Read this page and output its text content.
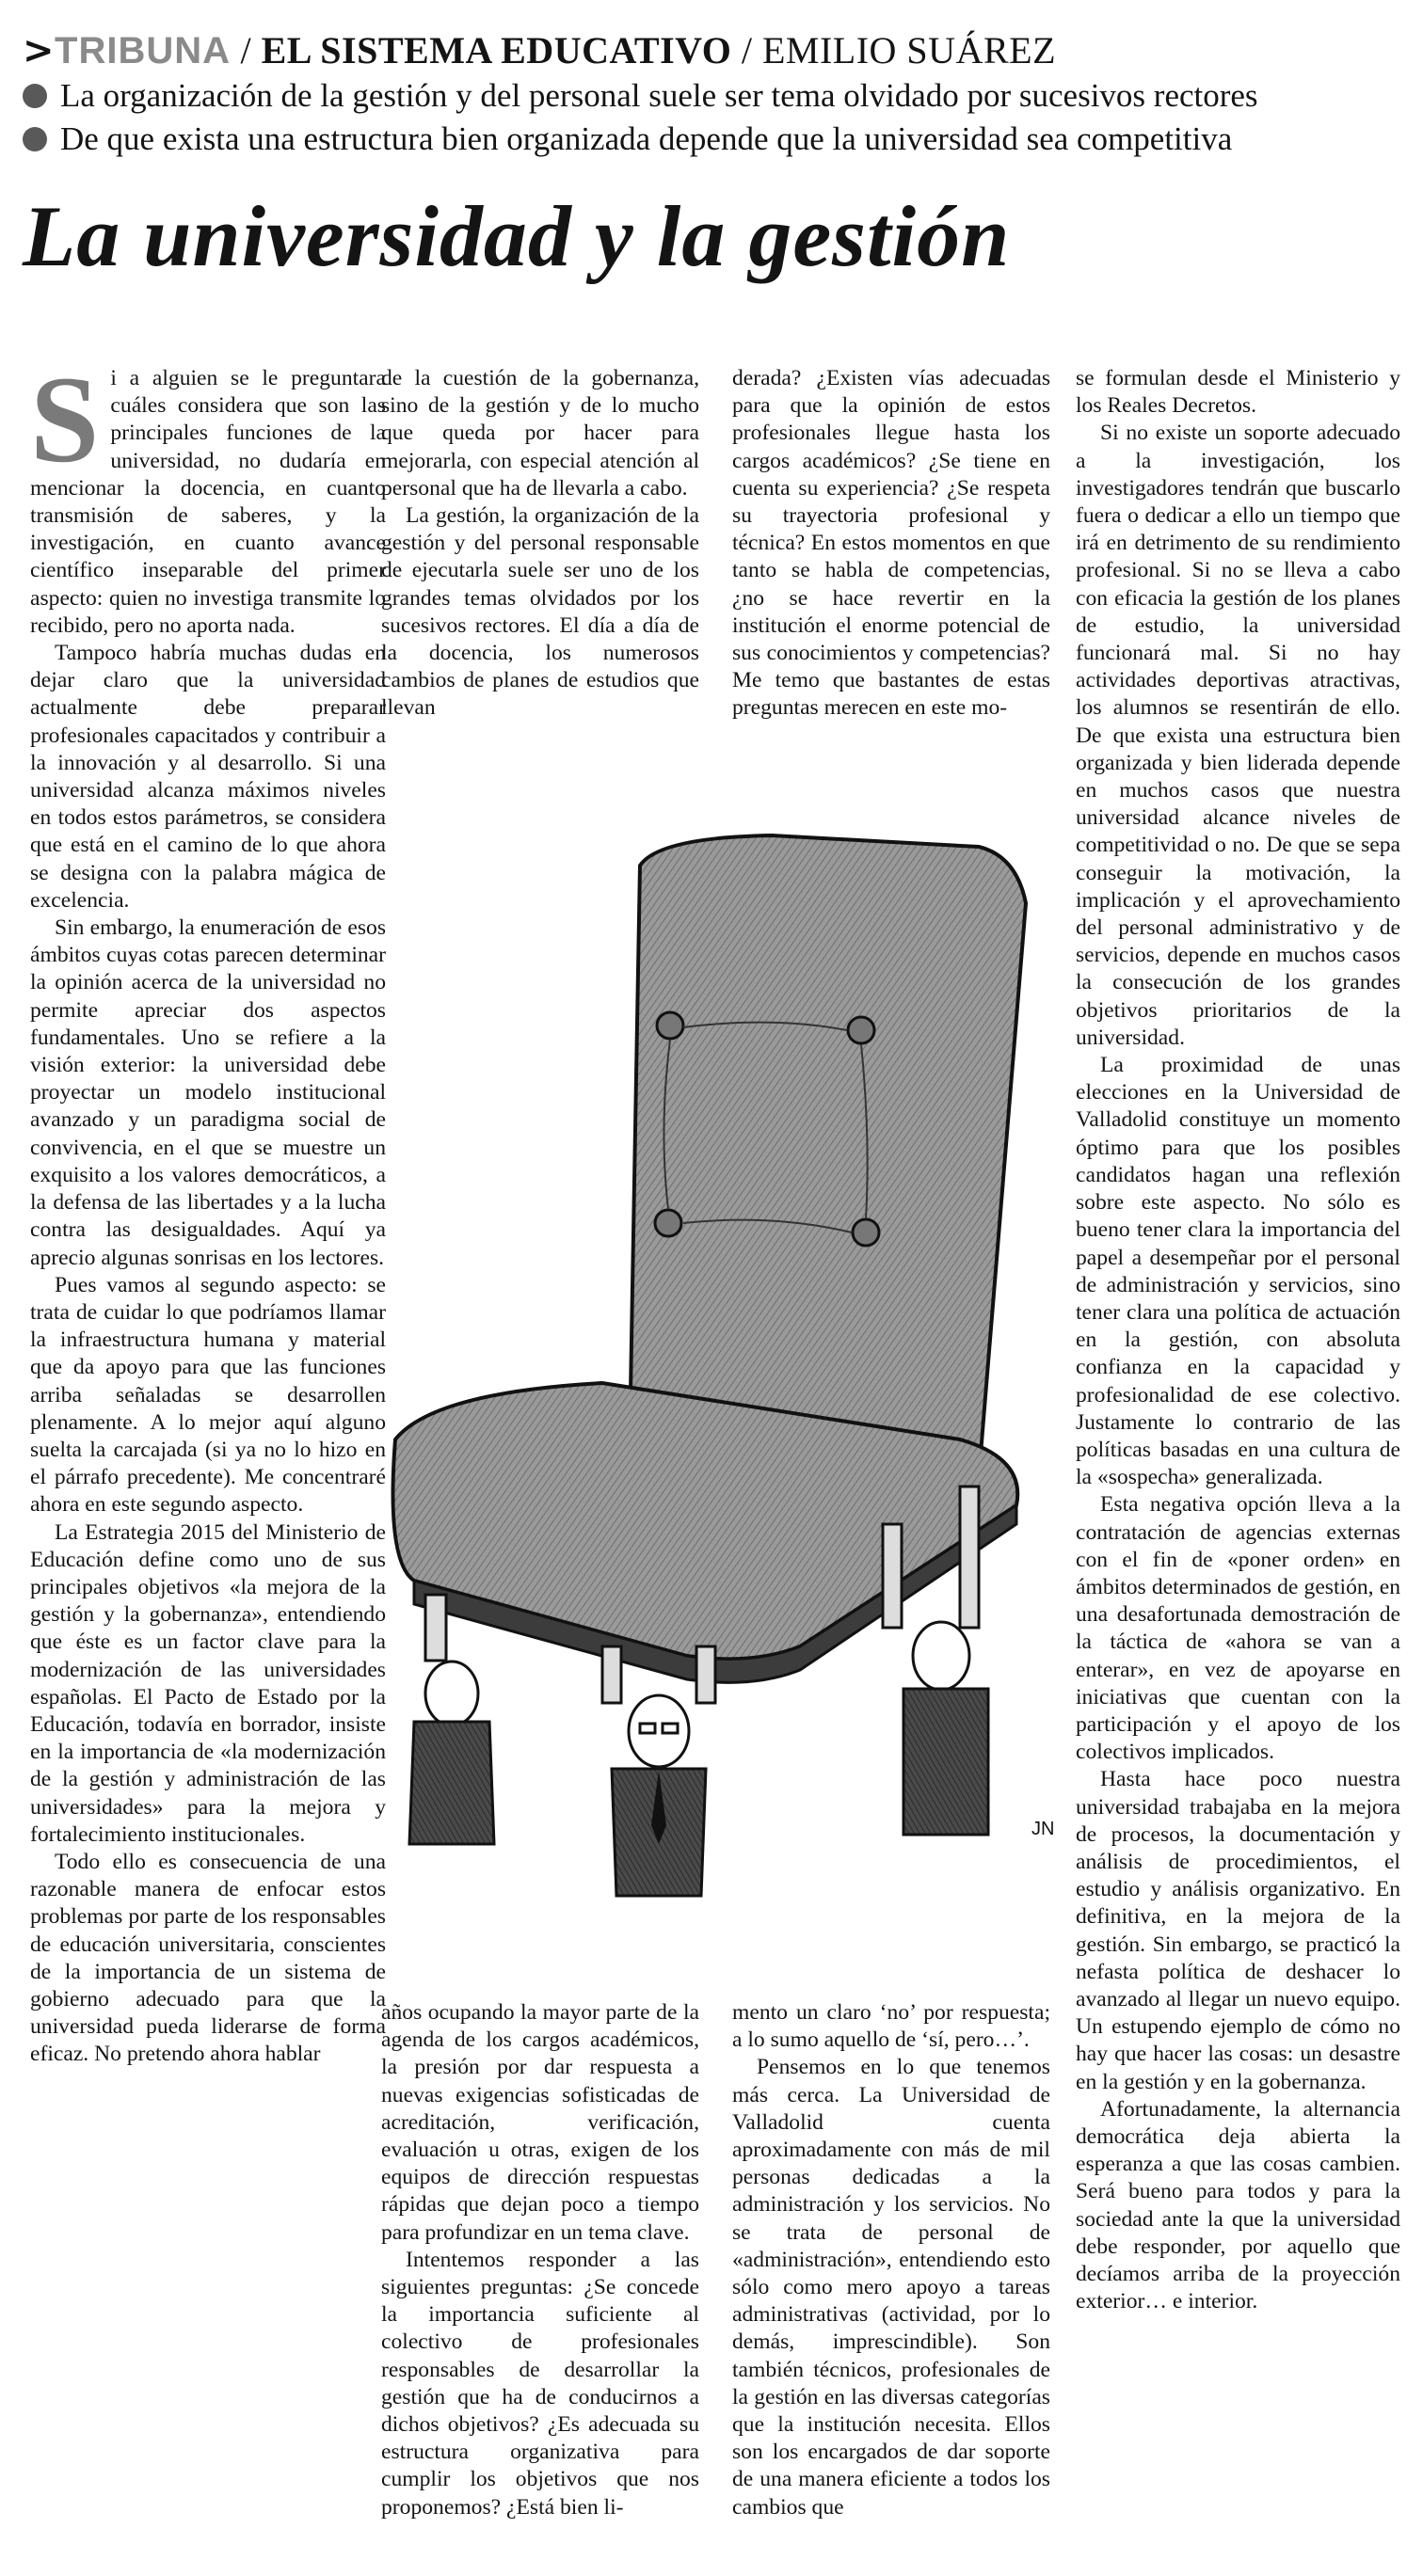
>TRIBUNA / EL SISTEMA EDUCATIVO / EMILIO SUÁREZ
La organización de la gestión y del personal suele ser tema olvidado por sucesivos rectores
De que exista una estructura bien organizada depende que la universidad sea competitiva
La universidad y la gestión

Si a alguien se le preguntara cuáles considera que son las principales funciones de la universidad, no dudaría en mencionar la docencia, en cuanto transmisión de saberes, y la investigación, en cuanto avance científico inseparable del primer aspecto: quien no investiga transmite lo recibido, pero no aporta nada.

Tampoco habría muchas dudas en dejar claro que la universidad actualmente debe preparar profesionales capacitados y contribuir a la innovación y al desarrollo. Si una universidad alcanza máximos niveles en todos estos parámetros, se considera que está en el camino de lo que ahora se designa con la palabra mágica de excelencia.

Sin embargo, la enumeración de esos ámbitos cuyas cotas parecen determinar la opinión acerca de la universidad no permite apreciar dos aspectos fundamentales. Uno se refiere a la visión exterior: la universidad debe proyectar un modelo institucional avanzado y un paradigma social de convivencia, en el que se muestre un exquisito a los valores democráticos, a la defensa de las libertades y a la lucha contra las desigualdades. Aquí ya aprecio algunas sonrisas en los lectores.

Pues vamos al segundo aspecto: se trata de cuidar lo que podríamos llamar la infraestructura humana y material que da apoyo para que las funciones arriba señaladas se desarrollen plenamente. A lo mejor aquí alguno suelta la carcajada (si ya no lo hizo en el párrafo precedente). Me concentraré ahora en este segundo aspecto.

La Estrategia 2015 del Ministerio de Educación define como uno de sus principales objetivos «la mejora de la gestión y la gobernanza», entendiendo que éste es un factor clave para la modernización de las universidades españolas. El Pacto de Estado por la Educación, todavía en borrador, insiste en la importancia de «la modernización de la gestión y administración de las universidades» para la mejora y fortalecimiento institucionales.

Todo ello es consecuencia de una razonable manera de enfocar estos problemas por parte de los responsables de educación universitaria, conscientes de la importancia de un sistema de gobierno adecuado para que la universidad pueda liderarse de forma eficaz. No pretendo ahora hablar

de la cuestión de la gobernanza, sino de la gestión y de lo mucho que queda por hacer para mejorarla, con especial atención al personal que ha de llevarla a cabo.

La gestión, la organización de la gestión y del personal responsable de ejecutarla suele ser uno de los grandes temas olvidados por los sucesivos rectores. El día a día de la docencia, los numerosos cambios de planes de estudios que llevan

derada? ¿Existen vías adecuadas para que la opinión de estos profesionales llegue hasta los cargos académicos? ¿Se tiene en cuenta su experiencia? ¿Se respeta su trayectoria profesional y técnica? En estos momentos en que tanto se habla de competencias, ¿no se hace revertir en la institución el enorme potencial de sus conocimientos y competencias? Me temo que bastantes de estas preguntas merecen en este mo-

JN

años ocupando la mayor parte de la agenda de los cargos académicos, la presión por dar respuesta a nuevas exigencias sofisticadas de acreditación, verificación, evaluación u otras, exigen de los equipos de dirección respuestas rápidas que dejan poco a tiempo para profundizar en un tema clave.

Intentemos responder a las siguientes preguntas: ¿Se concede la importancia suficiente al colectivo de profesionales responsables de desarrollar la gestión que ha de conducirnos a dichos objetivos? ¿Es adecuada su estructura organizativa para cumplir los objetivos que nos proponemos? ¿Está bien li-

mento un claro ‘no’ por respuesta; a lo sumo aquello de ‘sí, pero…’.

Pensemos en lo que tenemos más cerca. La Universidad de Valladolid cuenta aproximadamente con más de mil personas dedicadas a la administración y los servicios. No se trata de personal de «administración», entendiendo esto sólo como mero apoyo a tareas administrativas (actividad, por lo demás, imprescindible). Son también técnicos, profesionales de la gestión en las diversas categorías que la institución necesita. Ellos son los encargados de dar soporte de una manera eficiente a todos los cambios que

se formulan desde el Ministerio y los Reales Decretos.

Si no existe un soporte adecuado a la investigación, los investigadores tendrán que buscarlo fuera o dedicar a ello un tiempo que irá en detrimento de su rendimiento profesional. Si no se lleva a cabo con eficacia la gestión de los planes de estudio, la universidad funcionará mal. Si no hay actividades deportivas atractivas, los alumnos se resentirán de ello. De que exista una estructura bien organizada y bien liderada depende en muchos casos que nuestra universidad alcance niveles de competitividad o no. De que se sepa conseguir la motivación, la implicación y el aprovechamiento del personal administrativo y de servicios, depende en muchos casos la consecución de los grandes objetivos prioritarios de la universidad.

La proximidad de unas elecciones en la Universidad de Valladolid constituye un momento óptimo para que los posibles candidatos hagan una reflexión sobre este aspecto. No sólo es bueno tener clara la importancia del papel a desempeñar por el personal de administración y servicios, sino tener clara una política de actuación en la gestión, con absoluta confianza en la capacidad y profesionalidad de ese colectivo. Justamente lo contrario de las políticas basadas en una cultura de la «sospecha» generalizada.

Esta negativa opción lleva a la contratación de agencias externas con el fin de «poner orden» en ámbitos determinados de gestión, en una desafortunada demostración de la táctica de «ahora se van a enterar», en vez de apoyarse en iniciativas que cuentan con la participación y el apoyo de los colectivos implicados.

Hasta hace poco nuestra universidad trabajaba en la mejora de procesos, la documentación y análisis de procedimientos, el estudio y análisis organizativo. En definitiva, en la mejora de la gestión. Sin embargo, se practicó la nefasta política de deshacer lo avanzado al llegar un nuevo equipo. Un estupendo ejemplo de cómo no hay que hacer las cosas: un desastre en la gestión y en la gobernanza.

Afortunadamente, la alternancia democrática deja abierta la esperanza a que las cosas cambien. Será bueno para todos y para la sociedad ante la que la universidad debe responder, por aquello que decíamos arriba de la proyección exterior… e interior.
